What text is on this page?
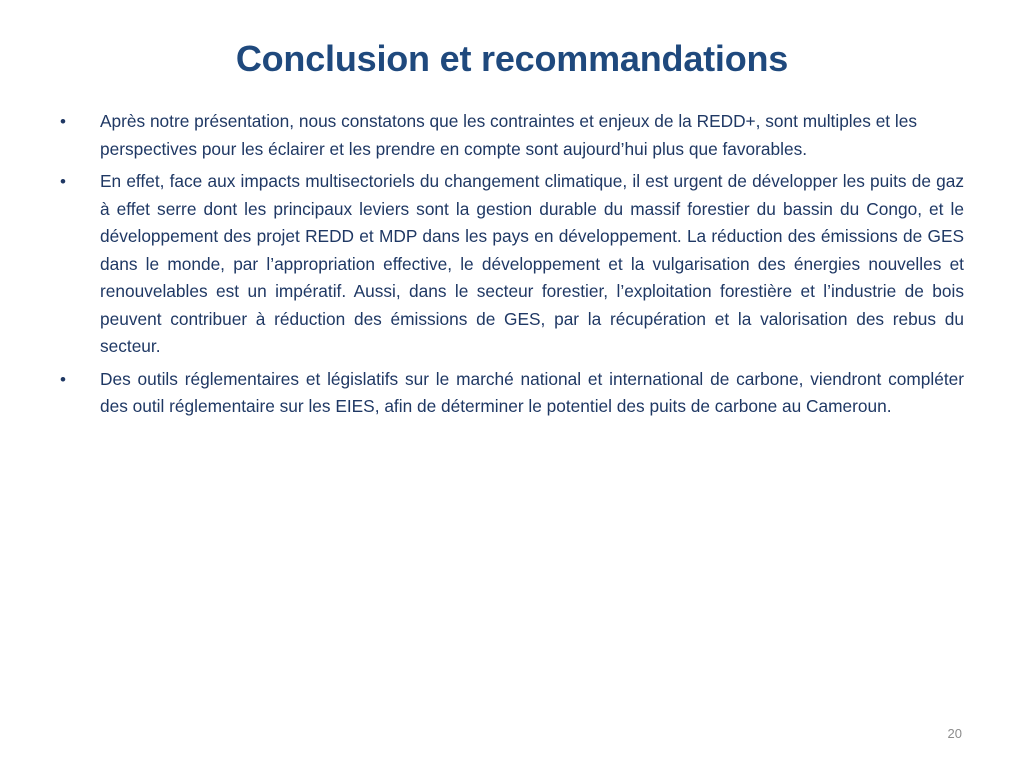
Conclusion et recommandations
•	Après notre présentation, nous constatons que les contraintes et enjeux de la REDD+, sont multiples et les perspectives pour les éclairer et les prendre en compte sont aujourd’hui plus que favorables.
•	En effet, face aux impacts multisectoriels du changement climatique, il est urgent de développer les puits de gaz à effet serre dont les principaux leviers sont la gestion durable du massif forestier du bassin du Congo, et le développement des projet REDD et MDP dans les pays en développement. La réduction des émissions de GES dans le monde, par l’appropriation effective, le développement et la vulgarisation des énergies nouvelles et renouvelables est un impératif. Aussi, dans le secteur forestier, l’exploitation forestière et l’industrie de bois peuvent contribuer à réduction des émissions de GES, par la récupération et la valorisation des rebus du secteur.
•	Des outils réglementaires et législatifs sur le marché national et international de carbone, viendront compléter des outil réglementaire sur les EIES, afin de déterminer le potentiel des puits de carbone au Cameroun.
20
